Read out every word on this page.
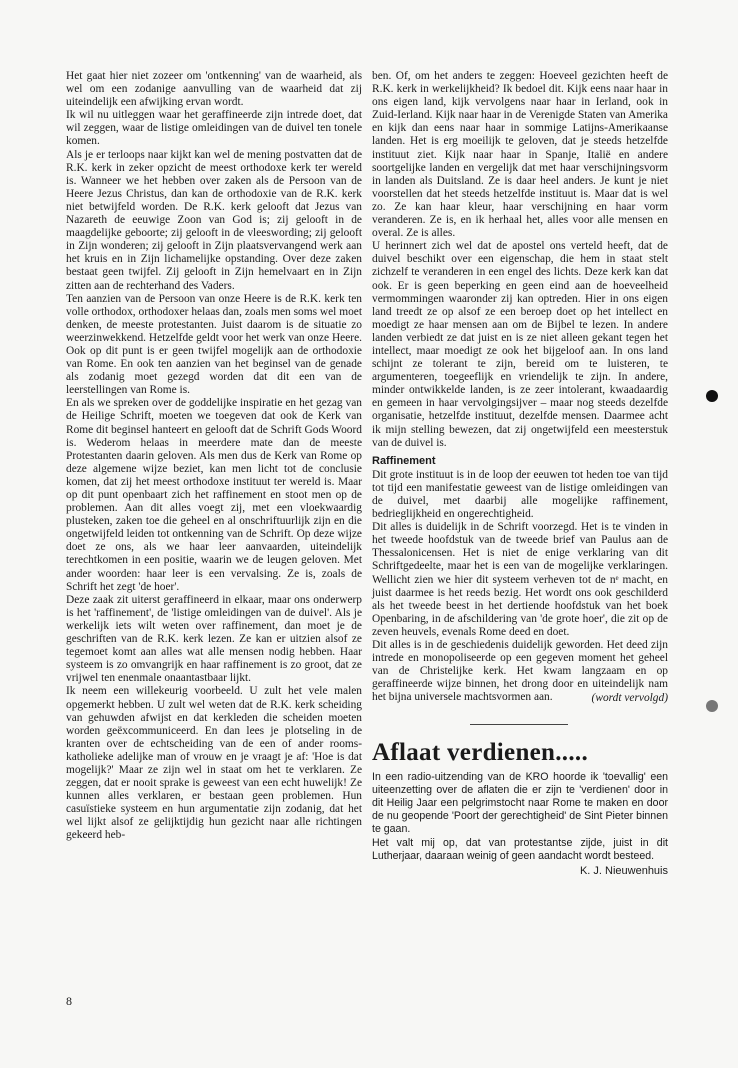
Het gaat hier niet zozeer om 'ontkenning' van de waarheid, als wel om een zodanige aanvulling van de waarheid dat zij uiteindelijk een afwijking ervan wordt.

Ik wil nu uitleggen waar het geraffineerde zijn intrede doet, dat wil zeggen, waar de listige omleidingen van de duivel ten tonele komen.

Als je er terloops naar kijkt kan wel de mening postvatten dat de R.K. kerk in zeker opzicht de meest orthodoxe kerk ter wereld is. Wanneer we het hebben over zaken als de Persoon van de Heere Jezus Christus, dan kan de orthodoxie van de R.K. kerk niet betwijfeld worden. De R.K. kerk gelooft dat Jezus van Nazareth de eeuwige Zoon van God is; zij gelooft in de maagdelijke geboorte; zij gelooft in de vleeswording; zij gelooft in Zijn wonderen; zij gelooft in Zijn plaatsvervangend werk aan het kruis en in Zijn lichamelijke opstanding. Over deze zaken bestaat geen twijfel. Zij gelooft in Zijn hemelvaart en in Zijn zitten aan de rechterhand des Vaders.

Ten aanzien van de Persoon van onze Heere is de R.K. kerk ten volle orthodox, orthodoxer helaas dan, zoals men soms wel moet denken, de meeste protestanten. Juist daarom is de situatie zo weerzinwekkend. Hetzelfde geldt voor het werk van onze Heere. Ook op dit punt is er geen twijfel mogelijk aan de orthodoxie van Rome. En ook ten aanzien van het beginsel van de genade als zodanig moet gezegd worden dat dit een van de leerstellingen van Rome is.

En als we spreken over de goddelijke inspiratie en het gezag van de Heilige Schrift, moeten we toegeven dat ook de Kerk van Rome dit beginsel hanteert en gelooft dat de Schrift Gods Woord is. Wederom helaas in meerdere mate dan de meeste Protestanten daarin geloven. Als men dus de Kerk van Rome op deze algemene wijze beziet, kan men licht tot de conclusie komen, dat zij het meest orthodoxe instituut ter wereld is. Maar op dit punt openbaart zich het raffinement en stoot men op de problemen. Aan dit alles voegt zij, met een vloekwaardig plusteken, zaken toe die geheel en al onschriftuurlijk zijn en die ongetwijfeld leiden tot ontkenning van de Schrift. Op deze wijze doet ze ons, als we haar leer aanvaarden, uiteindelijk terechtkomen in een positie, waarin we de leugen geloven. Met ander woorden: haar leer is een vervalsing. Ze is, zoals de Schrift het zegt 'de hoer'.

Deze zaak zit uiterst geraffineerd in elkaar, maar ons onderwerp is het 'raffinement', de 'listige omleidingen van de duivel'. Als je werkelijk iets wilt weten over raffinement, dan moet je de geschriften van de R.K. kerk lezen. Ze kan er uitzien alsof ze tegemoet komt aan alles wat alle mensen nodig hebben. Haar systeem is zo omvangrijk en haar raffinement is zo groot, dat ze vrijwel ten enenmale onaantastbaar lijkt.

Ik neem een willekeurig voorbeeld. U zult het vele malen opgemerkt hebben. U zult wel weten dat de R.K. kerk scheiding van gehuwden afwijst en dat kerkleden die scheiden moeten worden geëxcommuniceerd. En dan lees je plotseling in de kranten over de echtscheiding van de een of ander rooms-katholieke adelijke man of vrouw en je vraagt je af: 'Hoe is dat mogelijk?' Maar ze zijn wel in staat om het te verklaren. Ze zeggen, dat er nooit sprake is geweest van een echt huwelijk! Ze kunnen alles verklaren, er bestaan geen problemen. Hun casuïstieke systeem en hun argumentatie zijn zodanig, dat het wel lijkt alsof ze gelijktijdig hun gezicht naar alle richtingen gekeerd heb-

ben. Of, om het anders te zeggen: Hoeveel gezichten heeft de R.K. kerk in werkelijkheid? Ik bedoel dit. Kijk eens naar haar in ons eigen land, kijk vervolgens naar haar in Ierland, ook in Zuid-Ierland. Kijk naar haar in de Verenigde Staten van Amerika en kijk dan eens naar haar in sommige Latijns-Amerikaanse landen. Het is erg moeilijk te geloven, dat je steeds hetzelfde instituut ziet. Kijk naar haar in Spanje, Italië en andere soortgelijke landen en vergelijk dat met haar verschijningsvorm in landen als Duitsland. Ze is daar heel anders. Je kunt je niet voorstellen dat het steeds hetzelfde instituut is. Maar dat is wel zo. Ze kan haar kleur, haar verschijning en haar vorm veranderen. Ze is, en ik herhaal het, alles voor alle mensen en overal. Ze is alles.

U herinnert zich wel dat de apostel ons verteld heeft, dat de duivel beschikt over een eigenschap, die hem in staat stelt zichzelf te veranderen in een engel des lichts. Deze kerk kan dat ook. Er is geen beperking en geen eind aan de hoeveelheid vermommingen waaronder zij kan optreden. Hier in ons eigen land treedt ze op alsof ze een beroep doet op het intellect en moedigt ze haar mensen aan om de Bijbel te lezen. In andere landen verbiedt ze dat juist en is ze niet alleen gekant tegen het intellect, maar moedigt ze ook het bijgeloof aan. In ons land schijnt ze tolerant te zijn, bereid om te luisteren, te argumenteren, toegeeflijk en vriendelijk te zijn. In andere, minder ontwikkelde landen, is ze zeer intolerant, kwaadaardig en gemeen in haar vervolgingsijver – maar nog steeds dezelfde organisatie, hetzelfde instituut, dezelfde mensen. Daarmee acht ik mijn stelling bewezen, dat zij ongetwijfeld een meesterstuk van de duivel is.

Raffinement

Dit grote instituut is in de loop der eeuwen tot heden toe van tijd tot tijd een manifestatie geweest van de listige omleidingen van de duivel, met daarbij alle mogelijke raffinement, bedrieglijkheid en ongerechtigheid.

Dit alles is duidelijk in de Schrift voorzegd. Het is te vinden in het tweede hoofdstuk van de tweede brief van Paulus aan de Thessalonicensen. Het is niet de enige verklaring van dit Schriftgedeelte, maar het is een van de mogelijke verklaringen. Wellicht zien we hier dit systeem verheven tot de nᵉ macht, en juist daarmee is het reeds bezig. Het wordt ons ook geschilderd als het tweede beest in het dertiende hoofdstuk van het boek Openbaring, in de afschildering van 'de grote hoer', die zit op de zeven heuvels, evenals Rome deed en doet.

Dit alles is in de geschiedenis duidelijk geworden. Het deed zijn intrede en monopoliseerde op een gegeven moment het geheel van de Christelijke kerk. Het kwam langzaam en op geraffineerde wijze binnen, het drong door en uiteindelijk nam het bijna universele machtsvormen aan.	(wordt vervolgd)
Aflaat verdienen.....

In een radio-uitzending van de KRO hoorde ik 'toevallig' een uiteenzetting over de aflaten die er zijn te 'verdienen' door in dit Heilig Jaar een pelgrimstocht naar Rome te maken en door de nu geopende 'Poort der gerechtigheid' de Sint Pieter binnen te gaan.

Het valt mij op, dat van protestantse zijde, juist in dit Lutherjaar, daaraan weinig of geen aandacht wordt besteed.

K. J. Nieuwenhuis
8
